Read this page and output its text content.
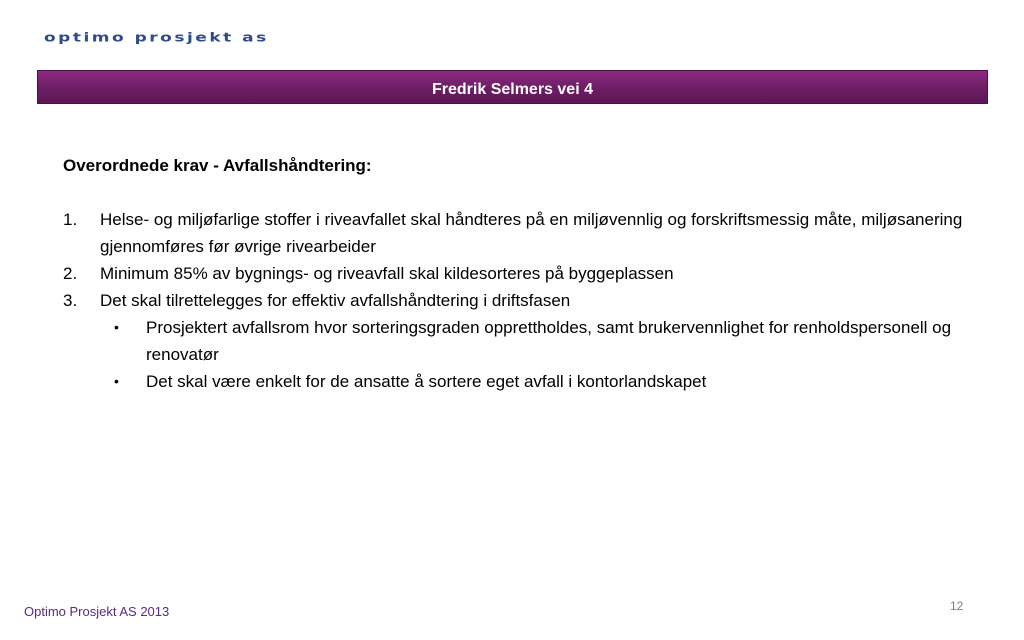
optimo prosjekt as
Fredrik Selmers vei 4
Overordnede krav - Avfallshåndtering:
1. Helse- og miljøfarlige stoffer i riveavfallet skal håndteres på en miljøvennlig og forskriftsmessig måte, miljøsanering gjennomføres før øvrige rivearbeider
2. Minimum 85% av bygnings- og riveavfall skal kildesorteres på byggeplassen
3. Det skal tilrettelegges for effektiv avfallshåndtering i driftsfasen
• Prosjektert avfallsrom hvor sorteringsgraden opprettholdes, samt brukervennlighet for renholdspersonell og renovatør
• Det skal være enkelt for de ansatte å sortere eget avfall i kontorlandskapet
12
Optimo Prosjekt AS 2013
